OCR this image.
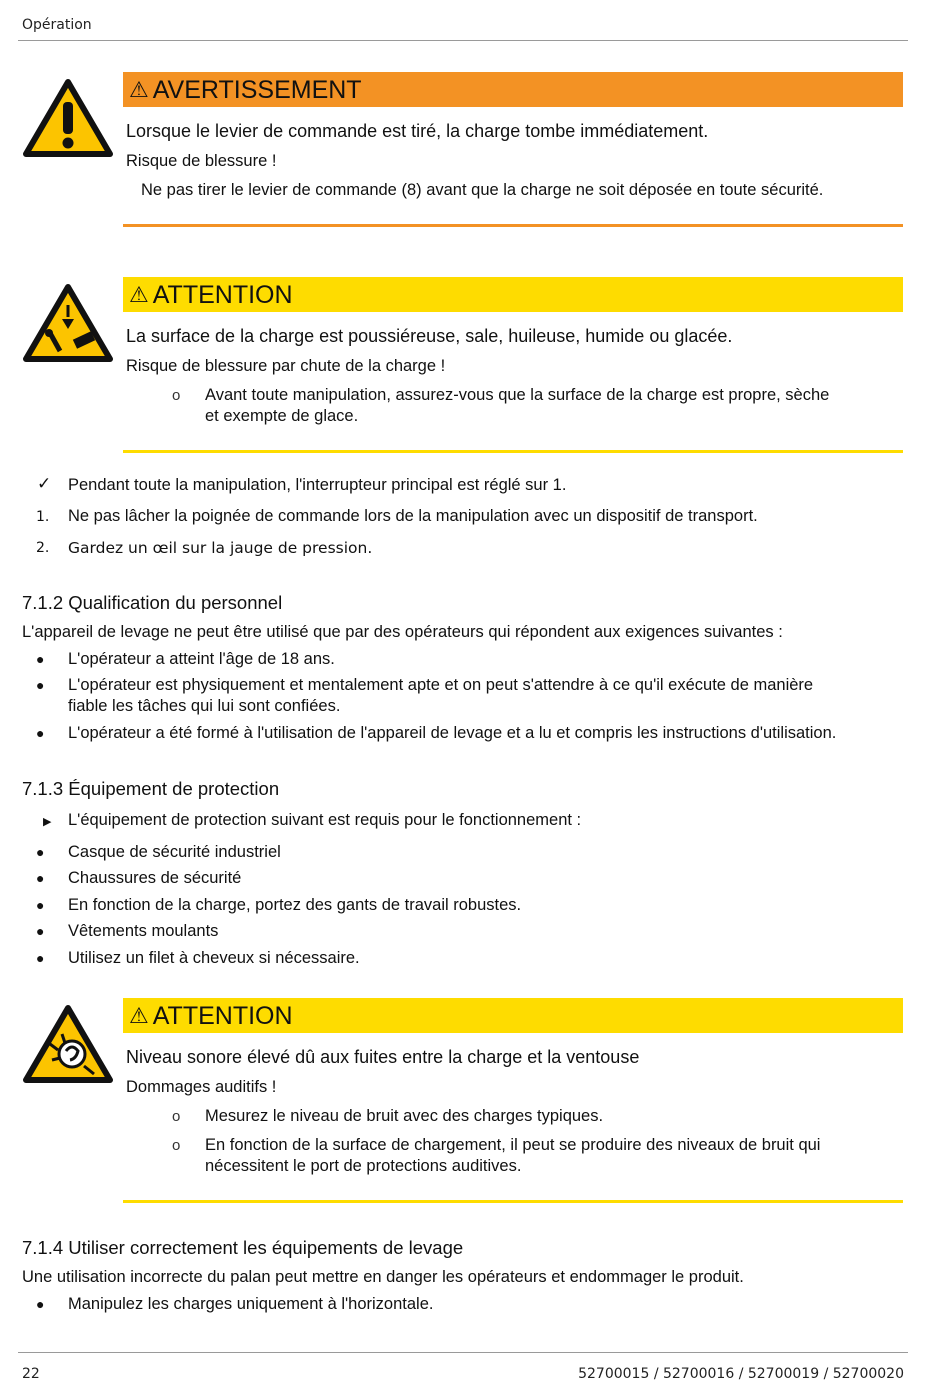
Opération
⚠ AVERTISSEMENT
Lorsque le levier de commande est tiré, la charge tombe immédiatement.
Risque de blessure !
Ne pas tirer le levier de commande (8) avant que la charge ne soit déposée en toute sécurité.
⚠ ATTENTION
La surface de la charge est poussiéreuse, sale, huileuse, humide ou glacée.
Risque de blessure par chute de la charge !
o Avant toute manipulation, assurez-vous que la surface de la charge est propre, sèche
et exempte de glace.
✓ Pendant toute la manipulation, l'interrupteur principal est réglé sur 1.
1. Ne pas lâcher la poignée de commande lors de la manipulation avec un dispositif de transport.
2. Gardez un œil sur la jauge de pression.
7.1.2 Qualification du personnel
L'appareil de levage ne peut être utilisé que par des opérateurs qui répondent aux exigences suivantes :
● L'opérateur a atteint l'âge de 18 ans.
● L'opérateur est physiquement et mentalement apte et on peut s'attendre à ce qu'il exécute de manière
fiable les tâches qui lui sont confiées.
● L'opérateur a été formé à l'utilisation de l'appareil de levage et a lu et compris les instructions d'utilisation.
7.1.3 Équipement de protection
▶ L'équipement de protection suivant est requis pour le fonctionnement :
● Casque de sécurité industriel
● Chaussures de sécurité
● En fonction de la charge, portez des gants de travail robustes.
● Vêtements moulants
● Utilisez un filet à cheveux si nécessaire.
⚠ ATTENTION
Niveau sonore élevé dû aux fuites entre la charge et la ventouse
Dommages auditifs !
o Mesurez le niveau de bruit avec des charges typiques.
o En fonction de la surface de chargement, il peut se produire des niveaux de bruit qui
nécessitent le port de protections auditives.
7.1.4 Utiliser correctement les équipements de levage
Une utilisation incorrecte du palan peut mettre en danger les opérateurs et endommager le produit.
● Manipulez les charges uniquement à l'horizontale.
22	52700015 / 52700016 / 52700019 / 52700020
